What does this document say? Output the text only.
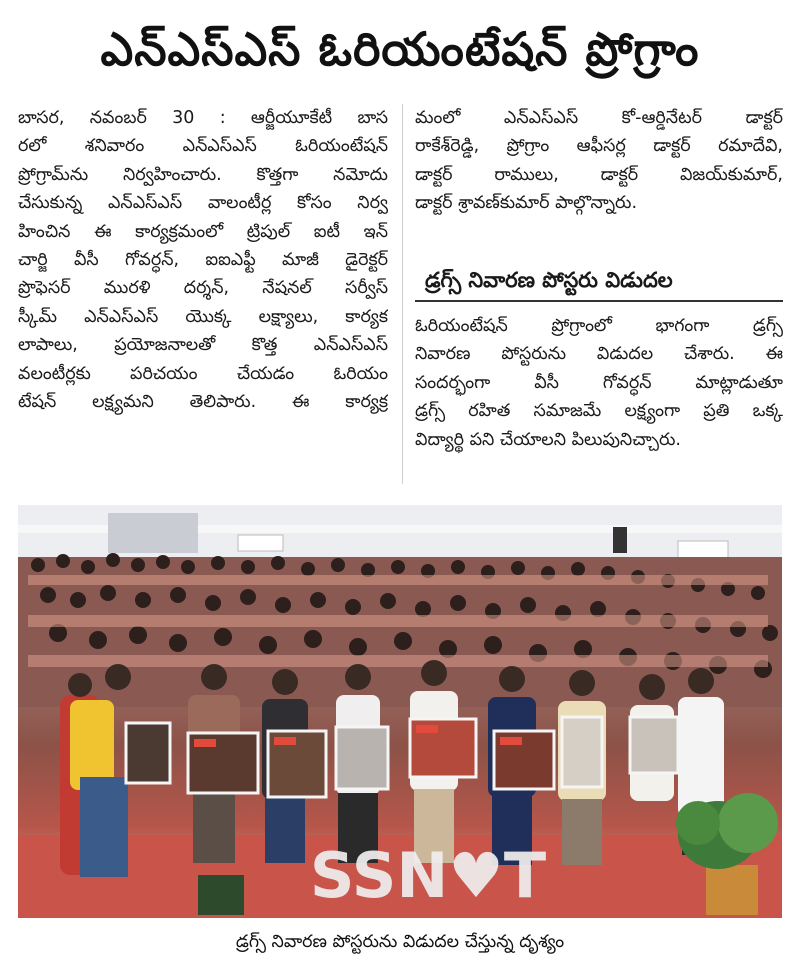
ఎన్ఎస్ఎస్ ఓరియంటేషన్ ప్రోగ్రాం
బాసర, నవంబర్ 30 : ఆర్జీయూకేటీ బాస
రలో శనివారం ఎన్ఎస్ఎస్ ఓరియంటేషన్
ప్రోగ్రామ్‌ను నిర్వహించారు. కొత్తగా నమోదు
చేసుకున్న ఎన్ఎస్ఎస్ వాలంటీర్ల కోసం నిర్వ
హించిన ఈ కార్యక్రమంలో ట్రిపుల్ ఐటీ ఇన్
చార్జి వీసీ గోవర్ధన్, ఐఐఎఫ్టీ మాజీ డైరెక్టర్
ప్రొఫెసర్ మురళి దర్శన్, నేషనల్ సర్వీస్
స్కీమ్ ఎన్ఎస్ఎస్ యొక్క లక్ష్యాలు, కార్యక
లాపాలు, ప్రయోజనాలతో కొత్త ఎన్ఎస్ఎస్
వలంటీర్లకు పరిచయం చేయడం ఓరియం
టేషన్ లక్ష్యమని తెలిపారు. ఈ కార్యక్ర
మంలో ఎన్ఎస్ఎస్ కో-ఆర్డినేటర్ డాక్టర్
రాకేశ్‌రెడ్డి, ప్రోగ్రాం ఆఫీసర్ల డాక్టర్ రమాదేవి,
డాక్టర్ రాములు, డాక్టర్ విజయ్‌కుమార్,
డాక్టర్ శ్రావణ్‌కుమార్ పాల్గొన్నారు.
డ్రగ్స్ నివారణ పోస్టరు విడుదల
ఓరియంటేషన్ ప్రోగ్రాంలో భాగంగా డ్రగ్స్
నివారణ పోస్టరును విడుదల చేశారు. ఈ
సందర్భంగా వీసీ గోవర్ధన్ మాట్లాడుతూ
డ్రగ్స్ రహిత సమాజమే లక్ష్యంగా ప్రతి ఒక్క
విద్యార్థి పని చేయాలని పిలుపునిచ్చారు.
SSN♥T
డ్రగ్స్ నివారణ పోస్టరును విడుదల చేస్తున్న దృశ్యం
